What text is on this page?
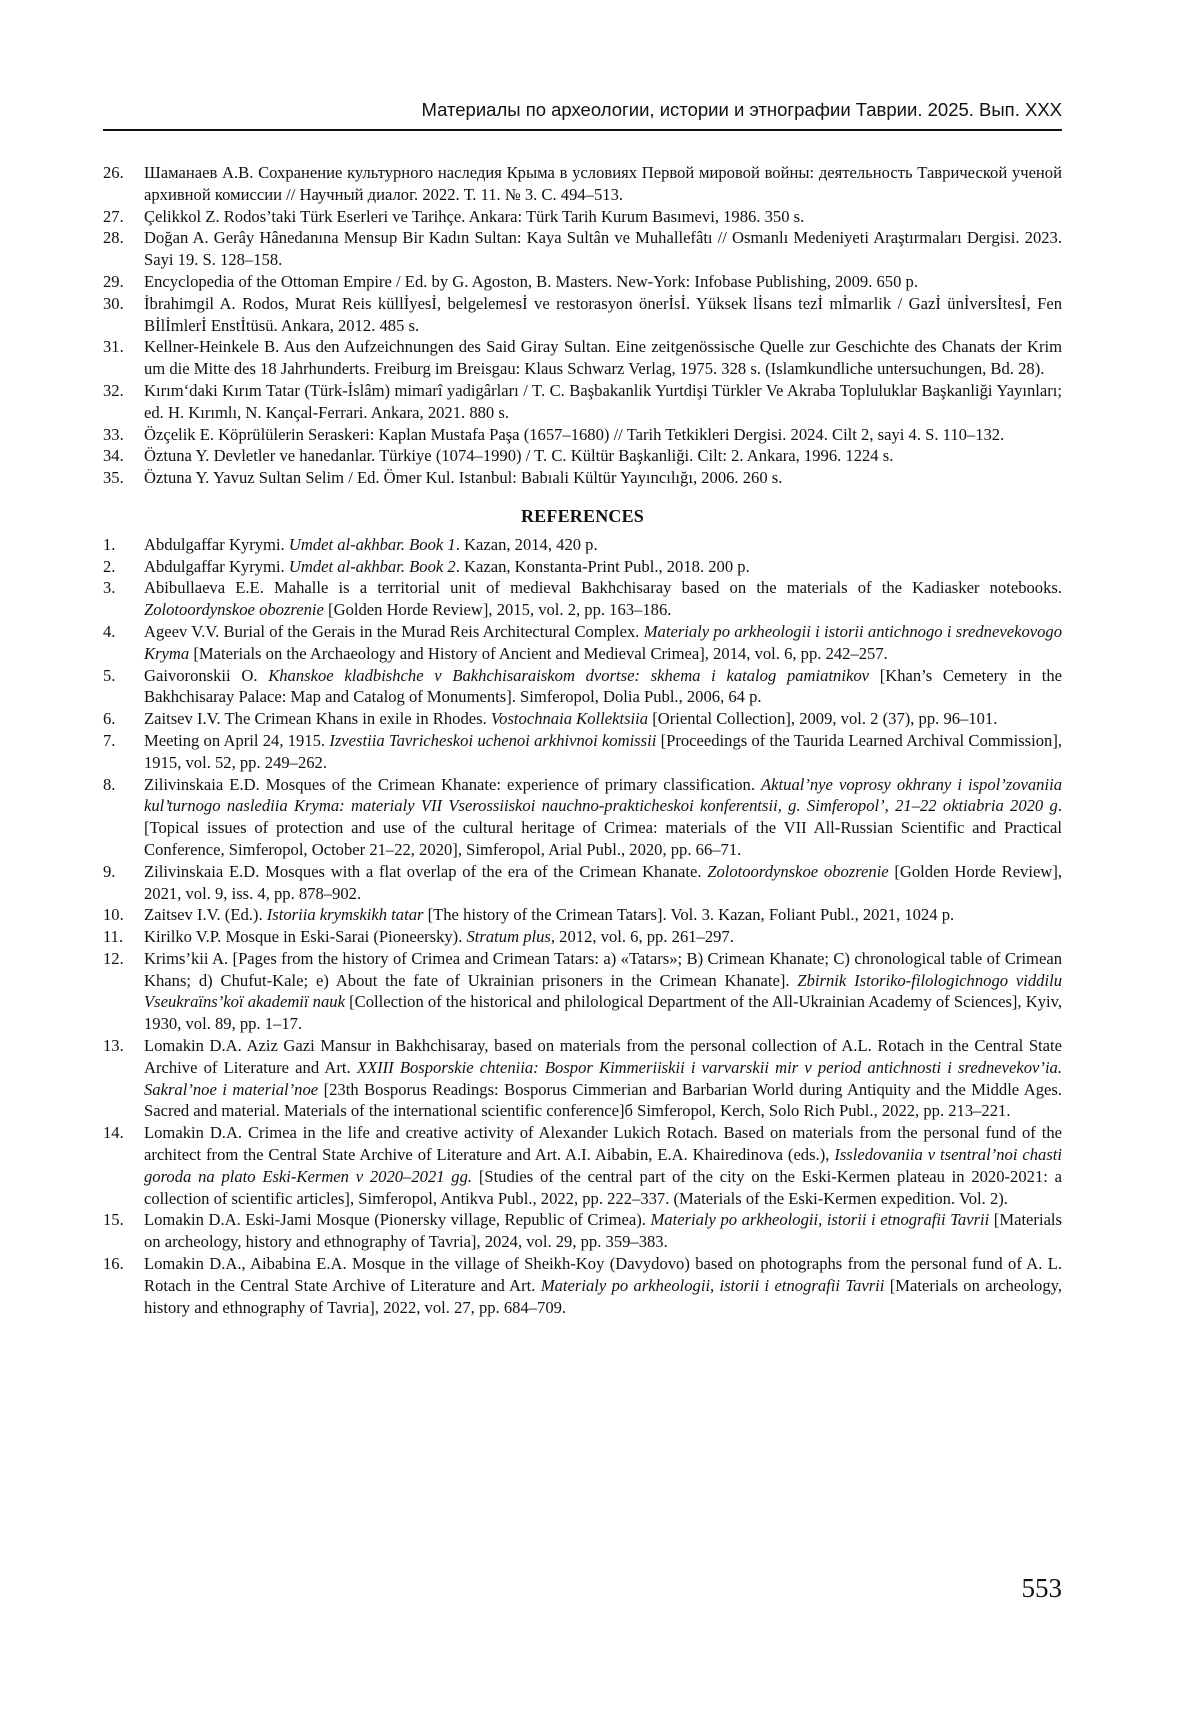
Материалы по археологии, истории и этнографии Таврии. 2025. Вып. XXX
26.	Шаманаев А.В. Сохранение культурного наследия Крыма в условиях Первой мировой войны: деятельность Таврической ученой архивной комиссии // Научный диалог. 2022. Т. 11. № 3. С. 494–513.
27.	Çelikkol Z. Rodos’taki Türk Eserleri ve Tarihçe. Ankara: Türk Tarih Kurum Basımevi, 1986. 350 s.
28.	Doğan A. Gerây Hânedanına Mensup Bir Kadın Sultan: Kaya Sultân ve Muhallefâtı // Osmanlı Medeniyeti Araştırmaları Dergisi. 2023. Sayi 19. S. 128–158.
29.	Encyclopedia of the Ottoman Empire / Ed. by G. Agoston, B. Masters. New-York: Infobase Publishing, 2009. 650 p.
30.	İbrahimgil A. Rodos, Murat Reis küllİyesİ, belgelemesİ ve restorasyon önerİsİ. Yüksek lİsans tezİ mİmarlik / Gazİ ünİversİtesİ, Fen Bİlİmlerİ Enstİtüsü. Ankara, 2012. 485 s.
31.	Kellner-Heinkele B. Aus den Aufzeichnungen des Said Giray Sultan. Eine zeitgenössische Quelle zur Geschichte des Chanats der Krim um die Mitte des 18 Jahrhunderts. Freiburg im Breisgau: Klaus Schwarz Verlag, 1975. 328 s. (Islamkundliche untersuchungen, Bd. 28).
32.	Kırım‘daki Kırım Tatar (Türk-İslâm) mimarî yadigârları / T. C. Başbakanlik Yurtdişi Türkler Ve Akraba Topluluklar Başkanliği Yayınları; ed. H. Kırımlı, N. Kançal-Ferrari. Ankara, 2021. 880 s.
33.	Özçelik E. Köprülülerin Seraskeri: Kaplan Mustafa Paşa (1657–1680) // Tarih Tetkikleri Dergisi. 2024. Cilt 2, sayi 4. S. 110–132.
34.	Öztuna Y. Devletler ve hanedanlar. Türkiye (1074–1990) / T. C. Kültür Başkanliği. Cilt: 2. Ankara, 1996. 1224 s.
35.	Öztuna Y. Yavuz Sultan Selim / Ed. Ömer Kul. Istanbul: Babıali Kültür Yayıncılığı, 2006. 260 s.
REFERENCES
1.	Abdulgaffar Kyrymi. Umdet al-akhbar. Book 1. Kazan, 2014, 420 p.
2.	Abdulgaffar Kyrymi. Umdet al-akhbar. Book 2. Kazan, Konstanta-Print Publ., 2018. 200 p.
3.	Abibullaeva E.E. Mahalle is a territorial unit of medieval Bakhchisaray based on the materials of the Kadiasker notebooks. Zolotoordynskoe obozrenie [Golden Horde Review], 2015, vol. 2, pp. 163–186.
4.	Ageev V.V. Burial of the Gerais in the Murad Reis Architectural Complex. Materialy po arkheologii i istorii antichnogo i srednevekovogo Kryma [Materials on the Archaeology and History of Ancient and Medieval Crimea], 2014, vol. 6, pp. 242–257.
5.	Gaivoronskii O. Khanskoe kladbishche v Bakhchisaraiskom dvortse: skhema i katalog pamiatnikov [Khan’s Cemetery in the Bakhchisaray Palace: Map and Catalog of Monuments]. Simferopol, Dolia Publ., 2006, 64 p.
6.	Zaitsev I.V. The Crimean Khans in exile in Rhodes. Vostochnaia Kollektsiia [Oriental Collection], 2009, vol. 2 (37), pp. 96–101.
7.	Meeting on April 24, 1915. Izvestiia Tavricheskoi uchenoi arkhivnoi komissii [Proceedings of the Taurida Learned Archival Commission], 1915, vol. 52, pp. 249–262.
8.	Zilivinskaia E.D. Mosques of the Crimean Khanate: experience of primary classification. Aktual’nye voprosy okhrany i ispol’zovaniia kul’turnogo naslediia Kryma: materialy VII Vserossiiskoi nauchno-prakticheskoi konferentsii, g. Simferopol’, 21–22 oktiabria 2020 g. [Topical issues of protection and use of the cultural heritage of Crimea: materials of the VII All-Russian Scientific and Practical Conference, Simferopol, October 21–22, 2020], Simferopol, Arial Publ., 2020, pp. 66–71.
9.	Zilivinskaia E.D. Mosques with a flat overlap of the era of the Crimean Khanate. Zolotoordynskoe obozrenie [Golden Horde Review], 2021, vol. 9, iss. 4, pp. 878–902.
10.	Zaitsev I.V. (Ed.). Istoriia krymskikh tatar [The history of the Crimean Tatars]. Vol. 3. Kazan, Foliant Publ., 2021, 1024 p.
11.	Kirilko V.P. Mosque in Eski-Sarai (Pioneersky). Stratum plus, 2012, vol. 6, pp. 261–297.
12.	Krims’kii A. [Pages from the history of Crimea and Crimean Tatars: a) «Tatars»; B) Crimean Khanate; C) chronological table of Crimean Khans; d) Chufut-Kale; e) About the fate of Ukrainian prisoners in the Crimean Khanate]. Zbirnik Istoriko-filologichnogo viddilu Vseukraїns’koї akademiї nauk [Collection of the historical and philological Department of the All-Ukrainian Academy of Sciences], Kyiv, 1930, vol. 89, pp. 1–17.
13.	Lomakin D.A. Aziz Gazi Mansur in Bakhchisaray, based on materials from the personal collection of A.L. Rotach in the Central State Archive of Literature and Art. XXIII Bosporskie chteniia: Bospor Kimmeriiskii i varvarskii mir v period antichnosti i srednevekov’ia. Sakral’noe i material’noe [23th Bosporus Readings: Bosporus Cimmerian and Barbarian World during Antiquity and the Middle Ages. Sacred and material. Materials of the international scientific conference]б Simferopol, Kerch, Solo Rich Publ., 2022, pp. 213–221.
14.	Lomakin D.A. Crimea in the life and creative activity of Alexander Lukich Rotach. Based on materials from the personal fund of the architect from the Central State Archive of Literature and Art. A.I. Aibabin, E.A. Khairedinova (eds.), Issledovaniia v tsentral’noi chasti goroda na plato Eski-Kermen v 2020–2021 gg. [Studies of the central part of the city on the Eski-Kermen plateau in 2020-2021: a collection of scientific articles], Simferopol, Antikva Publ., 2022, pp. 222–337. (Materials of the Eski-Kermen expedition. Vol. 2).
15.	Lomakin D.A. Eski-Jami Mosque (Pionersky village, Republic of Crimea). Materialy po arkheologii, istorii i etnografii Tavrii [Materials on archeology, history and ethnography of Tavria], 2024, vol. 29, pp. 359–383.
16.	Lomakin D.A., Aibabina E.A. Mosque in the village of Sheikh-Koy (Davydovo) based on photographs from the personal fund of A. L. Rotach in the Central State Archive of Literature and Art. Materialy po arkheologii, istorii i etnografii Tavrii [Materials on archeology, history and ethnography of Tavria], 2022, vol. 27, pp. 684–709.
553
